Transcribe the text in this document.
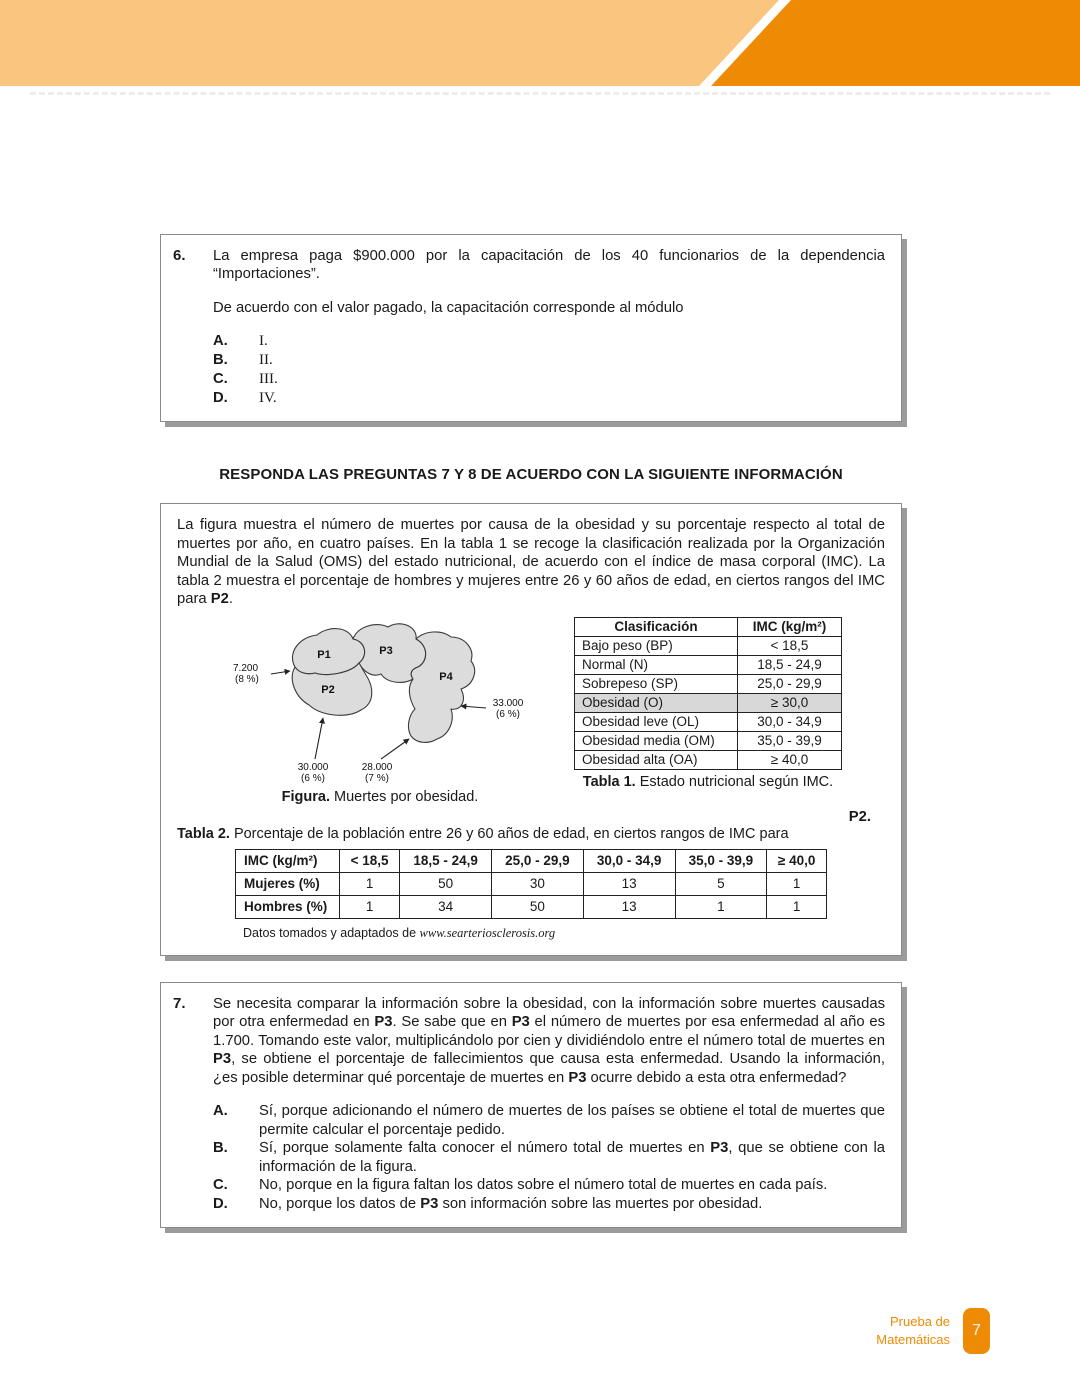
6.	La empresa paga $900.000 por la capacitación de los 40 funcionarios de la dependencia “Importaciones”.

De acuerdo con el valor pagado, la capacitación corresponde al módulo

A.	I.
B.	II.
C.	III.
D.	IV.
RESPONDA LAS PREGUNTAS 7 Y 8 DE ACUERDO CON LA SIGUIENTE INFORMACIÓN

La figura muestra el número de muertes por causa de la obesidad y su porcentaje respecto al total de muertes por año, en cuatro países. En la tabla 1 se recoge la clasificación realizada por la Organización Mundial de la Salud (OMS) del estado nutricional, de acuerdo con el índice de masa corporal (IMC). La tabla 2 muestra el porcentaje de hombres y mujeres entre 26 y 60 años de edad, en ciertos rangos del IMC para P2.

P1
P2
P3
P4
7.200
(8 %)
30.000
(6 %)
28.000
(7 %)
33.000
(6 %)
Figura. Muertes por obesidad.
Clasificación	IMC (kg/m²)
Bajo peso (BP)	< 18,5
Normal (N)	18,5 - 24,9
Sobrepeso (SP)	25,0 - 29,9
Obesidad (O)	≥ 30,0
Obesidad leve (OL)	30,0 - 34,9
Obesidad media (OM)	35,0 - 39,9
Obesidad alta (OA)	≥ 40,0
Tabla 1. Estado nutricional según IMC.
P2.
Tabla 2. Porcentaje de la población entre 26 y 60 años de edad, en ciertos rangos de IMC para
IMC (kg/m²)	< 18,5	18,5 - 24,9	25,0 - 29,9	30,0 - 34,9	35,0 - 39,9	≥ 40,0
Mujeres (%)	1	50	30	13	5	1
Hombres (%)	1	34	50	13	1	1
Datos tomados y adaptados de www.searteriosclerosis.org
7.	Se necesita comparar la información sobre la obesidad, con la información sobre muertes causadas por otra enfermedad en P3. Se sabe que en P3 el número de muertes por esa enfermedad al año es 1.700. Tomando este valor, multiplicándolo por cien y dividiéndolo entre el número total de muertes en P3, se obtiene el porcentaje de fallecimientos que causa esta enfermedad. Usando la información, ¿es posible determinar qué porcentaje de muertes en P3 ocurre debido a esta otra enfermedad?

A.	Sí, porque adicionando el número de muertes de los países se obtiene el total de muertes que permite calcular el porcentaje pedido.
B.	Sí, porque solamente falta conocer el número total de muertes en P3, que se obtiene con la información de la figura.
C.	No, porque en la figura faltan los datos sobre el número total de muertes en cada país.
D.	No, porque los datos de P3 son información sobre las muertes por obesidad.
Prueba de
Matemáticas
7
